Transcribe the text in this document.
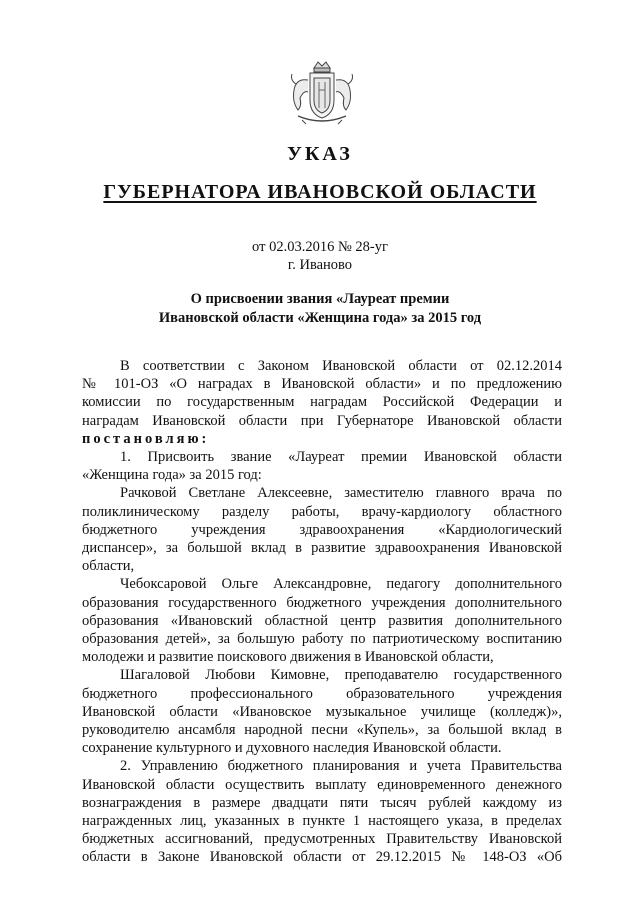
УКАЗ
ГУБЕРНАТОРА ИВАНОВСКОЙ ОБЛАСТИ
от 02.03.2016 № 28-уг
г. Иваново
О присвоении звания «Лауреат премии
Ивановской области «Женщина года» за 2015 год
В соответствии с Законом Ивановской области от 02.12.2014
№ 101-ОЗ «О наградах в Ивановской области» и по предложению
комиссии по государственным наградам Российской Федерации и
наградам Ивановской области при Губернаторе Ивановской области
постановляю:
1. Присвоить звание «Лауреат премии Ивановской области
«Женщина года» за 2015 год:
Рачковой Светлане Алексеевне, заместителю главного врача по
поликлиническому разделу работы, врачу-кардиологу областного
бюджетного учреждения здравоохранения «Кардиологический
диспансер», за большой вклад в развитие здравоохранения Ивановской
области,
Чебоксаровой Ольге Александровне, педагогу дополнительного
образования государственного бюджетного учреждения дополнительного
образования «Ивановский областной центр развития дополнительного
образования детей», за большую работу по патриотическому воспитанию
молодежи и развитие поискового движения в Ивановской области,
Шагаловой Любови Кимовне, преподавателю государственного
бюджетного профессионального образовательного учреждения
Ивановской области «Ивановское музыкальное училище (колледж)»,
руководителю ансамбля народной песни «Купель», за большой вклад в
сохранение культурного и духовного наследия Ивановской области.
2. Управлению бюджетного планирования и учета Правительства
Ивановской области осуществить выплату единовременного денежного
вознаграждения в размере двадцати пяти тысяч рублей каждому из
награжденных лиц, указанных в пункте 1 настоящего указа, в пределах
бюджетных ассигнований, предусмотренных Правительству Ивановской
области в Законе Ивановской области от 29.12.2015 № 148-ОЗ «Об
